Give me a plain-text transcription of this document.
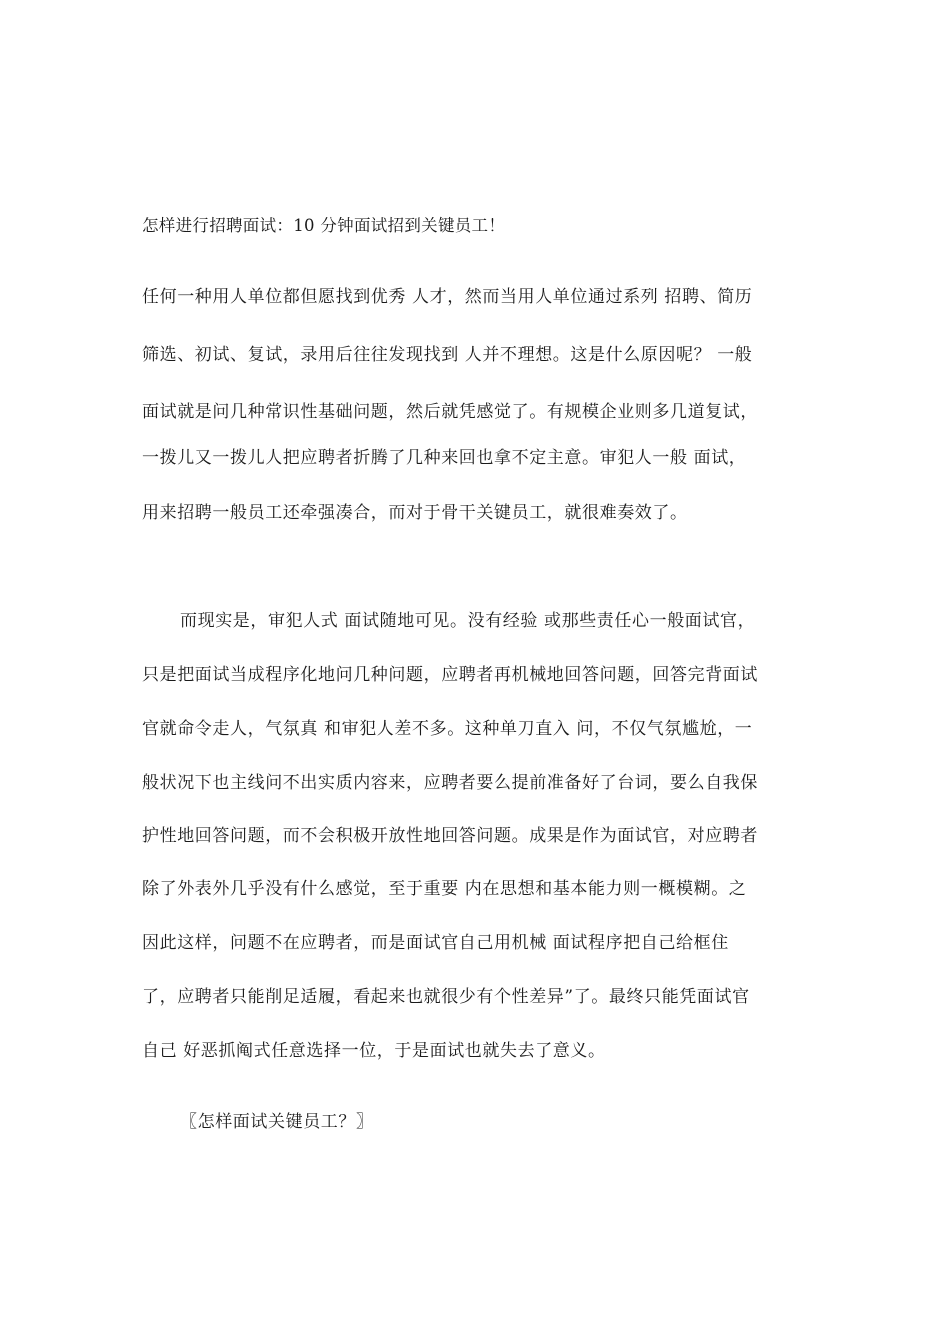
怎样进行招聘面试：10 分钟面试招到关键员工！
任何一种用人单位都但愿找到优秀 人才，然而当用人单位通过系列 招聘、简历
筛选、初试、复试，录用后往往发现找到 人并不理想。这是什么原因呢？ 一般
面试就是问几种常识性基础问题，然后就凭感觉了。有规模企业则多几道复试，
一拨儿又一拨儿人把应聘者折腾了几种来回也拿不定主意。审犯人一般 面试，
用来招聘一般员工还牵强凑合，而对于骨干关键员工，就很难奏效了。
而现实是，审犯人式 面试随地可见。没有经验 或那些责任心一般面试官，
只是把面试当成程序化地问几种问题，应聘者再机械地回答问题，回答完背面试
官就命令走人，气氛真 和审犯人差不多。这种单刀直入 问，不仅气氛尴尬，一
般状况下也主线问不出实质内容来，应聘者要么提前准备好了台词，要么自我保
护性地回答问题，而不会积极开放性地回答问题。成果是作为面试官，对应聘者
除了外表外几乎没有什么感觉，至于重要 内在思想和基本能力则一概模糊。之
因此这样，问题不在应聘者，而是面试官自己用机械 面试程序把自己给框住
了，应聘者只能削足适履，看起来也就很少有个性差异”了。最终只能凭面试官
自己 好恶抓阄式任意选择一位，于是面试也就失去了意义。
〖怎样面试关键员工？〗
